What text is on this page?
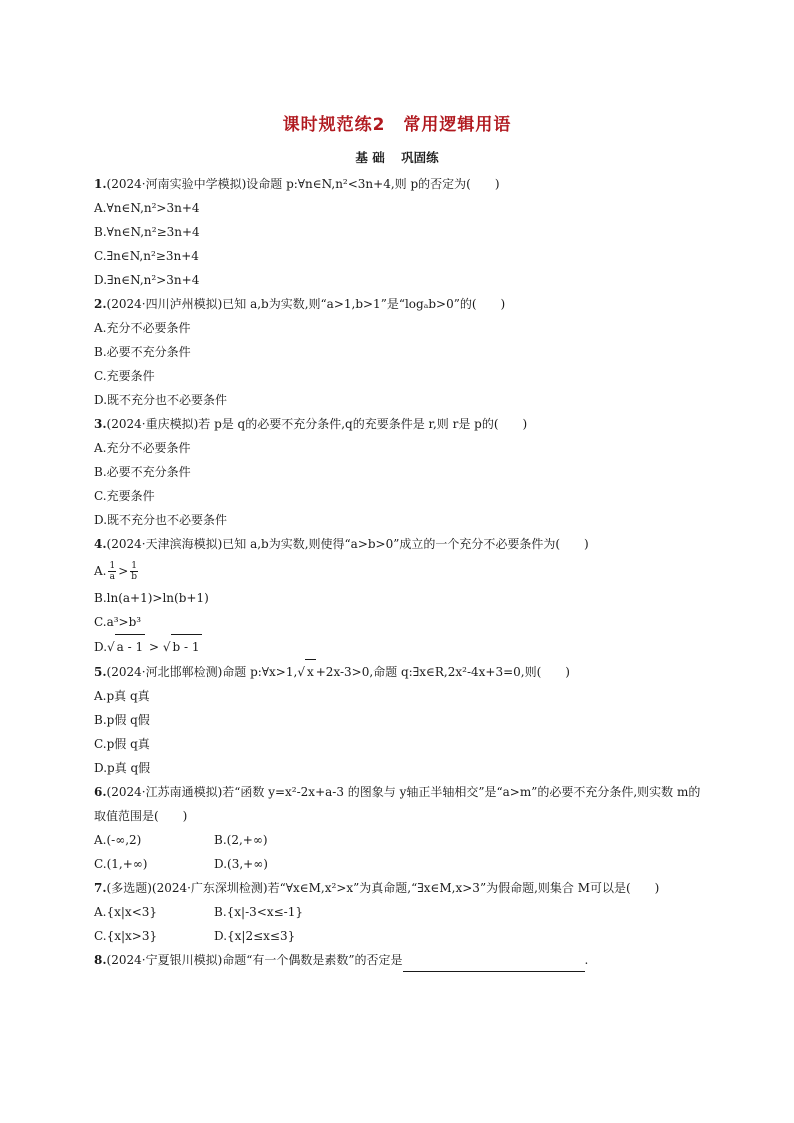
课时规范练2　常用逻辑用语
基 础 巩固练
1.(2024·河南实验中学模拟)设命题 p:∀n∈N,n²<3n+4,则 p的否定为(　　)
A.∀n∈N,n²>3n+4
B.∀n∈N,n²≥3n+4
C.∃n∈N,n²≥3n+4
D.∃n∈N,n²>3n+4
2.(2024·四川泸州模拟)已知 a,b为实数,则“a>1,b>1”是“logₐb>0”的(　　)
A.充分不必要条件
B.必要不充分条件
C.充要条件
D.既不充分也不必要条件
3.(2024·重庆模拟)若 p是 q的必要不充分条件,q的充要条件是 r,则 r是 p的(　　)
A.充分不必要条件
B.必要不充分条件
C.充要条件
D.既不充分也不必要条件
4.(2024·天津滨海模拟)已知 a,b为实数,则使得“a>b>0”成立的一个充分不必要条件为(　　)
A. $\frac{1}{a} > \frac{1}{b}$
B.ln(a+1)>ln(b+1)
C.a³>b³
D.√ a - 1 > √ b - 1
5.(2024·河北邯郸检测)命题 p:∀x>1,√ x +2x-3>0,命题 q:∃x∈R,2x²-4x+3=0,则(　　)
A.p真 q真
B.p假 q假
C.p假 q真
D.p真 q假
6.(2024·江苏南通模拟)若“函数 y=x²-2x+a-3 的图象与 y轴正半轴相交”是“a>m”的必要不充分条件,则实数 m的取值范围是(　　)
A.(-∞,2)	B.(2,+∞)
C.(1,+∞)	D.(3,+∞)
7.(多选题)(2024·广东深圳检测)若“∀x∈M,x²>x”为真命题,“∃x∈M,x>3”为假命题,则集合 M可以是(　　)
A.{x|x<3}	B.{x|-3<x≤-1}
C.{x|x>3}	D.{x|2≤x≤3}
8.(2024·宁夏银川模拟)命题“有一个偶数是素数”的否定是	.
